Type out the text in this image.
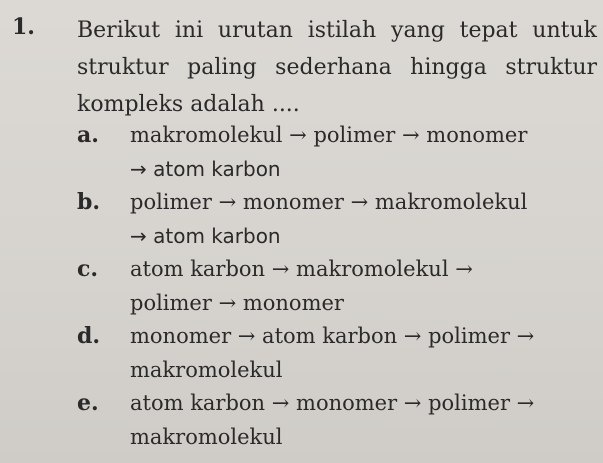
1. Berikut ini urutan istilah yang tepat untuk
struktur paling sederhana hingga struktur
kompleks adalah ....
a. makromolekul → polimer → monomer
→ atom karbon
b. polimer → monomer → makromolekul
→ atom karbon
c. atom karbon → makromolekul →
polimer → monomer
d. monomer → atom karbon → polimer →
makromolekul
e. atom karbon → monomer → polimer →
makromolekul
